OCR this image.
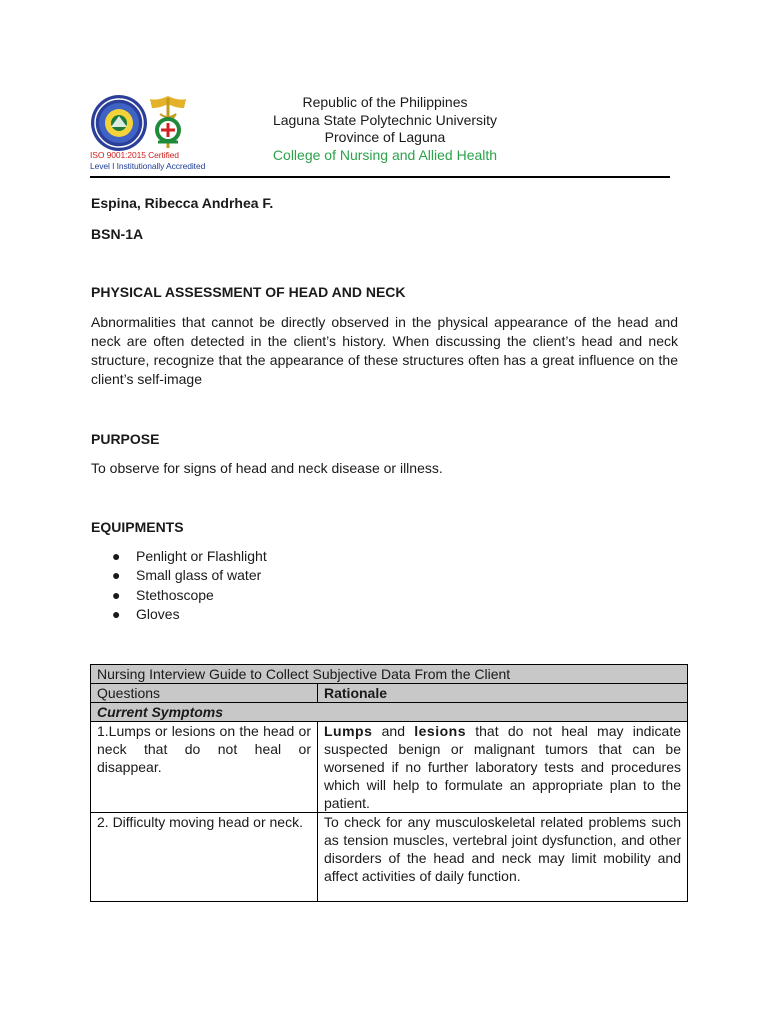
ISO 9001:2015 Certified
Level I Institutionally Accredited
Republic of the Philippines
Laguna State Polytechnic University
Province of Laguna
College of Nursing and Allied Health
Espina, Ribecca Andrhea F.
BSN-1A
PHYSICAL ASSESSMENT OF HEAD AND NECK
Abnormalities that cannot be directly observed in the physical appearance of the head and neck are often detected in the client’s history. When discussing the client’s head and neck structure, recognize that the appearance of these structures often has a great influence on the client’s self-image
PURPOSE
To observe for signs of head and neck disease or illness.
EQUIPMENTS
● Penlight or Flashlight
● Small glass of water
● Stethoscope
● Gloves
Nursing Interview Guide to Collect Subjective Data From the Client	
Questions	Rationale
Current Symptoms	
1.Lumps or lesions on the head or neck that do not heal or disappear.	Lumps and lesions that do not heal may indicate suspected benign or malignant tumors that can be worsened if no further laboratory tests and procedures which will help to formulate an appropriate plan to the patient.
2. Difficulty moving head or neck.	To check for any musculoskeletal related problems such as tension muscles, vertebral joint dysfunction, and other disorders of the head and neck may limit mobility and affect activities of daily function.
